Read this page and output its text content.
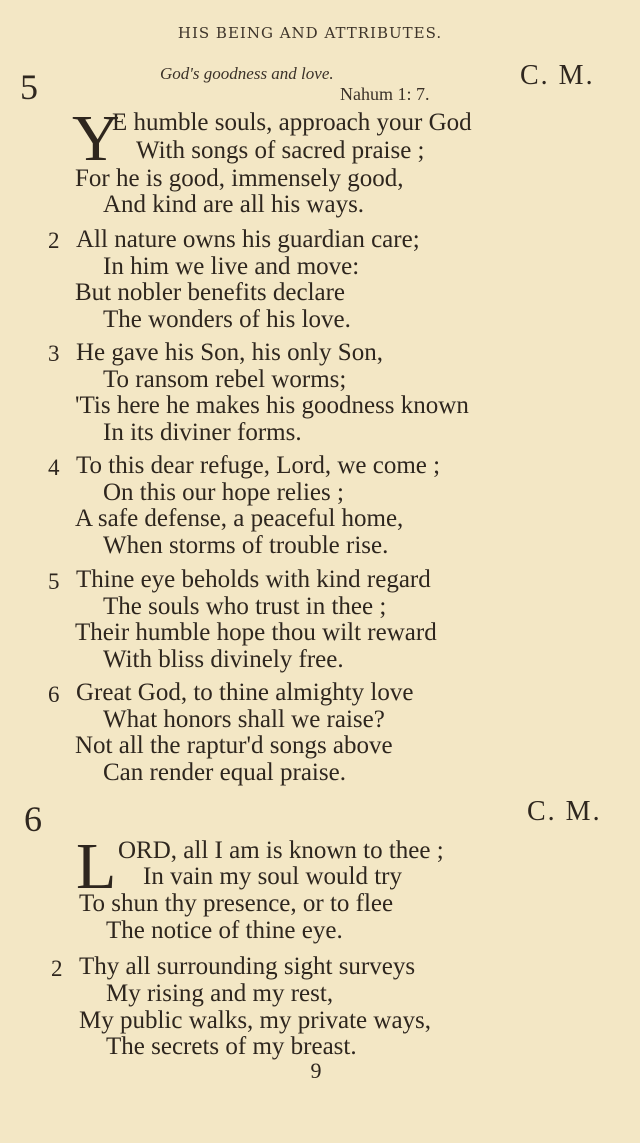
HIS BEING AND ATTRIBUTES.
5	God's goodness and love.
Nahum 1: 7.
C. M.
Y
E humble souls, approach your God
With songs of sacred praise ;
For he is good, immensely good,
And kind are all his ways.
2 All nature owns his guardian care;
In him we live and move:
But nobler benefits declare
The wonders of his love.
3 He gave his Son, his only Son,
To ransom rebel worms;
'Tis here he makes his goodness known
In its diviner forms.
4 To this dear refuge, Lord, we come ;
On this our hope relies ;
A safe defense, a peaceful home,
When storms of trouble rise.
5 Thine eye beholds with kind regard
The souls who trust in thee ;
Their humble hope thou wilt reward
With bliss divinely free.
6 Great God, to thine almighty love
What honors shall we raise?
Not all the raptur'd songs above
Can render equal praise.
6	C. M.
L ORD, all I am is known to thee ;
In vain my soul would try
To shun thy presence, or to flee
The notice of thine eye.
2 Thy all surrounding sight surveys
My rising and my rest,
My public walks, my private ways,
The secrets of my breast.
9
